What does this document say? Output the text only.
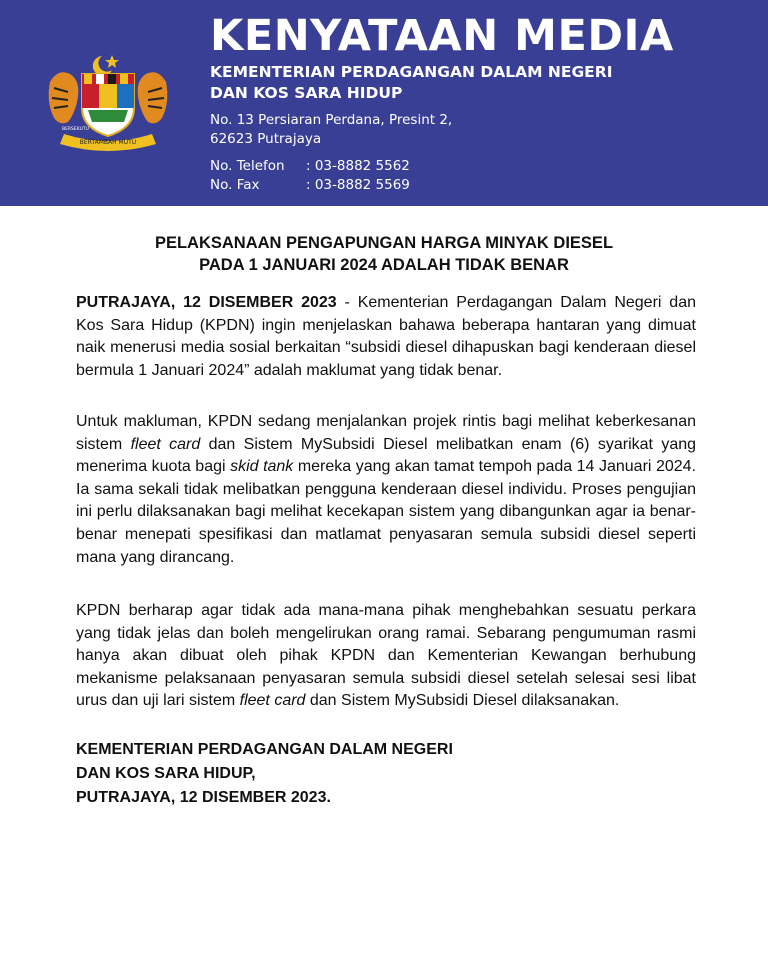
BERTAMBAH MUTU
BERSEKUTU
KENYATAAN MEDIA
KEMENTERIAN PERDAGANGAN DALAM NEGERI
DAN KOS SARA HIDUP
No. 13 Persiaran Perdana, Presint 2,
62623 Putrajaya
No. Telefon : 03-8882 5562
No. Fax	: 03-8882 5569
PELAKSANAAN PENGAPUNGAN HARGA MINYAK DIESEL
PADA 1 JANUARI 2024 ADALAH TIDAK BENAR
PUTRAJAYA, 12 DISEMBER 2023 - Kementerian Perdagangan Dalam Negeri dan Kos Sara Hidup (KPDN) ingin menjelaskan bahawa beberapa hantaran yang dimuat naik menerusi media sosial berkaitan “subsidi diesel dihapuskan bagi kenderaan diesel bermula 1 Januari 2024” adalah maklumat yang tidak benar.
Untuk makluman, KPDN sedang menjalankan projek rintis bagi melihat keberkesanan sistem fleet card dan Sistem MySubsidi Diesel melibatkan enam (6) syarikat yang menerima kuota bagi skid tank mereka yang akan tamat tempoh pada 14 Januari 2024. Ia sama sekali tidak melibatkan pengguna kenderaan diesel individu. Proses pengujian ini perlu dilaksanakan bagi melihat kecekapan sistem yang dibangunkan agar ia benar-benar menepati spesifikasi dan matlamat penyasaran semula subsidi diesel seperti mana yang dirancang.
KPDN berharap agar tidak ada mana-mana pihak menghebahkan sesuatu perkara yang tidak jelas dan boleh mengelirukan orang ramai. Sebarang pengumuman rasmi hanya akan dibuat oleh pihak KPDN dan Kementerian Kewangan berhubung mekanisme pelaksanaan penyasaran semula subsidi diesel setelah selesai sesi libat urus dan uji lari sistem fleet card dan Sistem MySubsidi Diesel dilaksanakan.
KEMENTERIAN PERDAGANGAN DALAM NEGERI
DAN KOS SARA HIDUP,
PUTRAJAYA, 12 DISEMBER 2023.
